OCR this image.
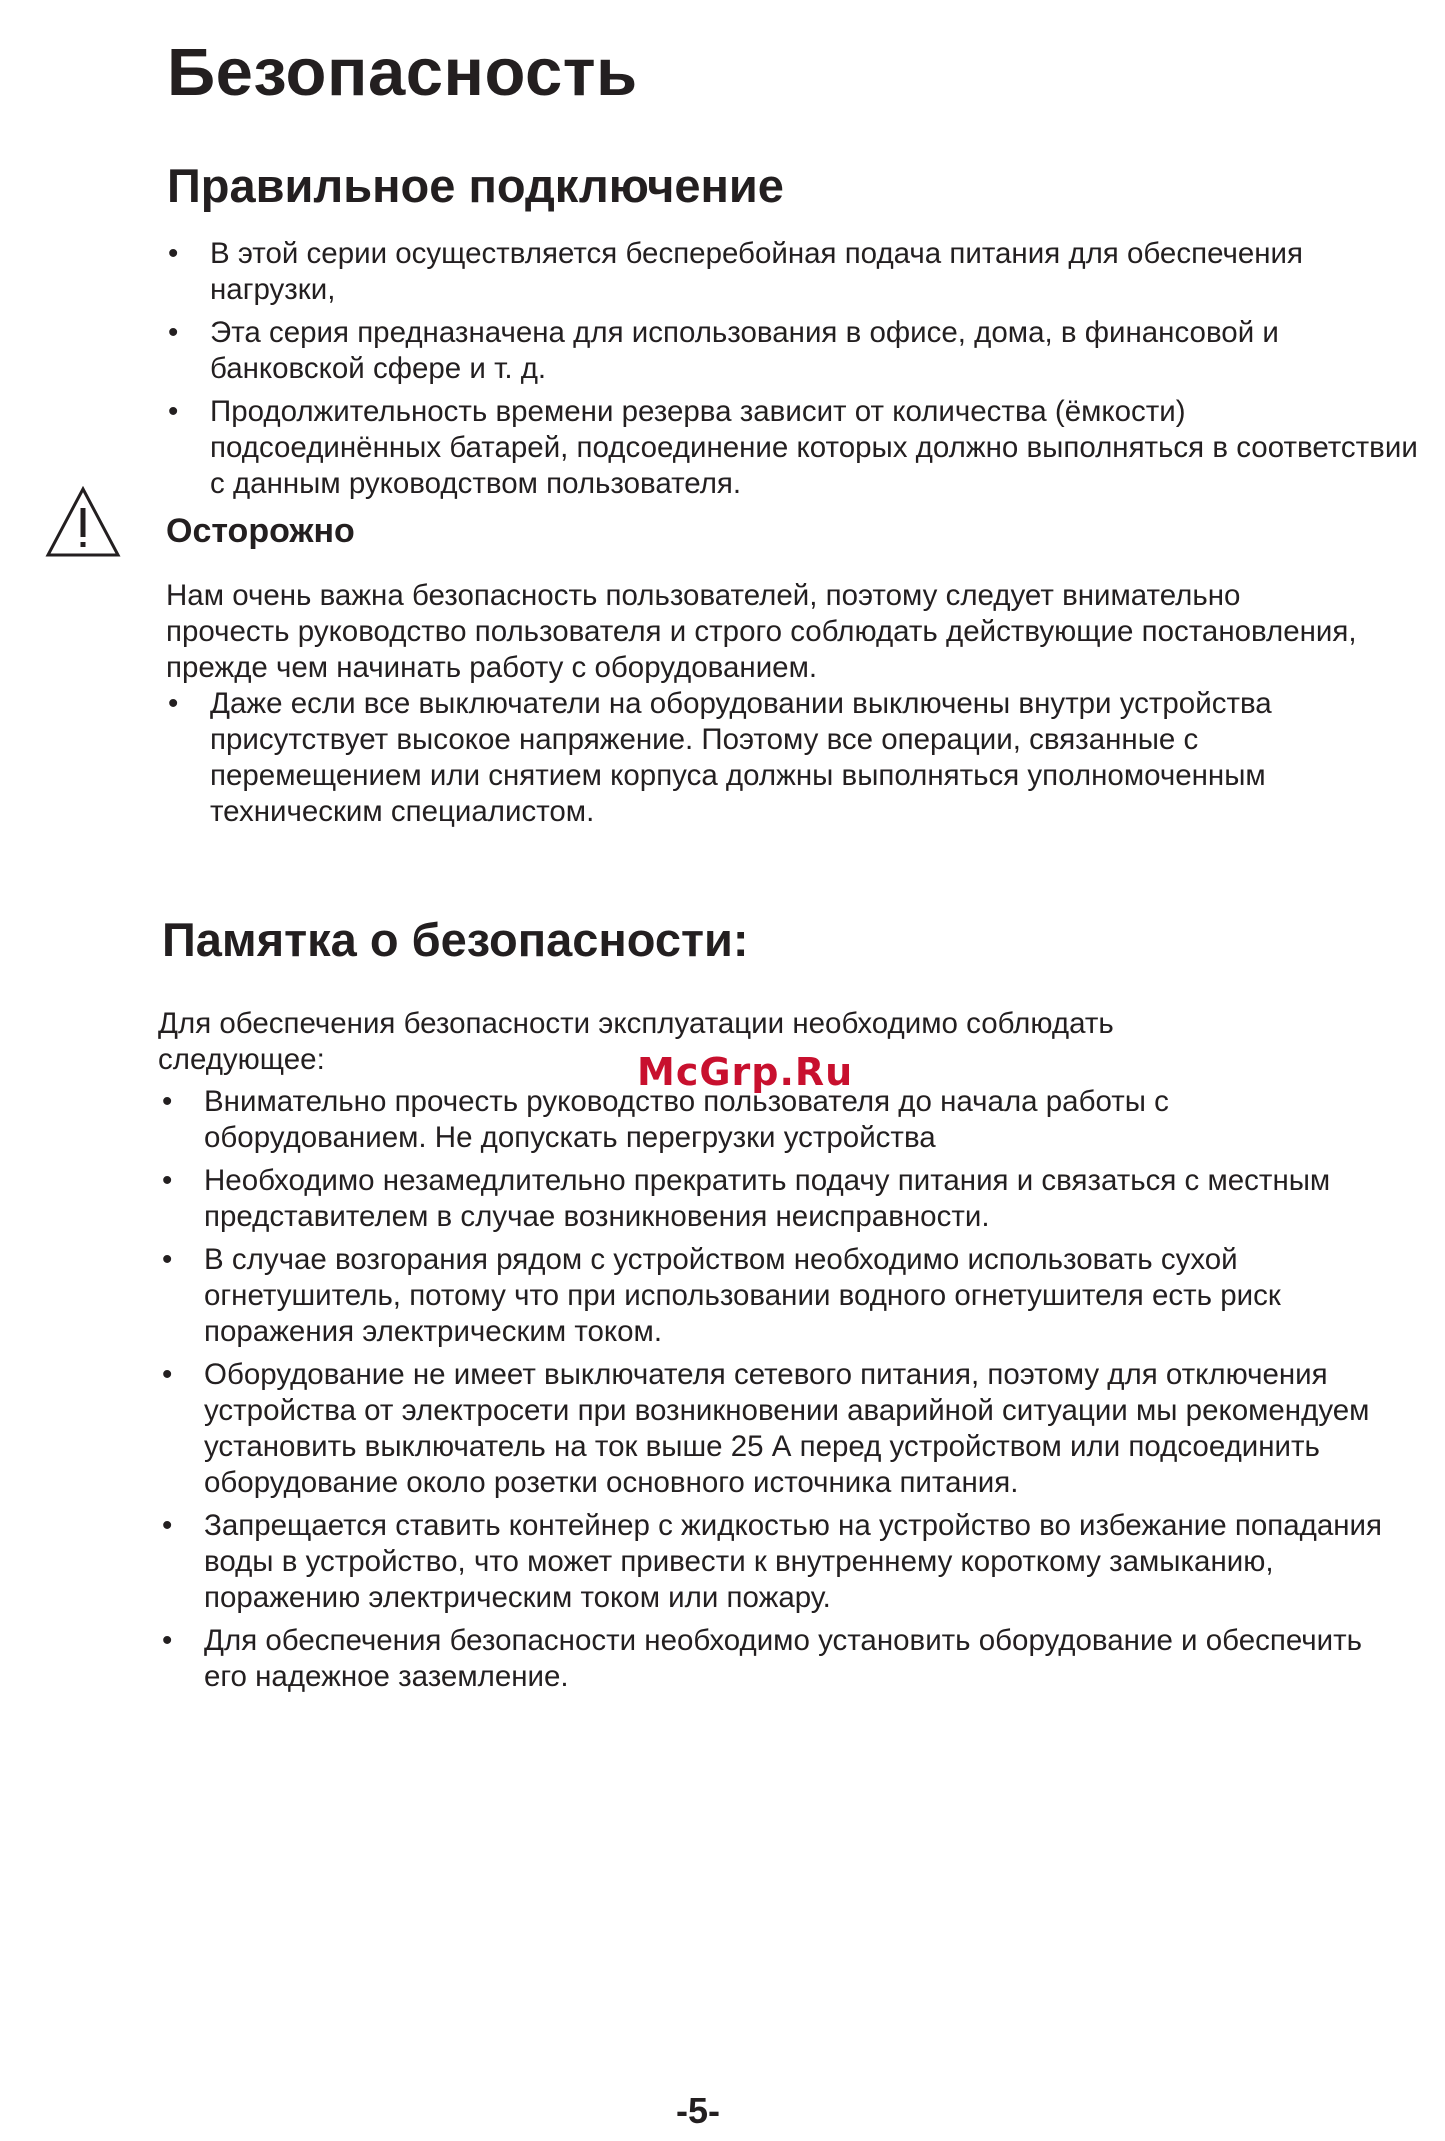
Безопасность
Правильное подключение
• В этой серии осуществляется бесперебойная подача питания для обеспечения нагрузки,
• Эта серия предназначена для использования в офисе, дома, в финансовой и банковской сфере и т. д.
• Продолжительность времени резерва зависит от количества (ёмкости) подсоединённых батарей, подсоединение которых должно выполняться в соответствии с данным руководством пользователя.

Осторожно

Нам очень важна безопасность пользователей, поэтому следует внимательно прочесть руководство пользователя и строго соблюдать действующие постановления, прежде чем начинать работу с оборудованием.

• Даже если все выключатели на оборудовании выключены внутри устройства присутствует высокое напряжение. Поэтому все операции, связанные с перемещением или снятием корпуса должны выполняться уполномоченным техническим специалистом.
Памятка о безопасности:

Для обеспечения безопасности эксплуатации необходимо соблюдать следующее:

• Внимательно прочесть руководство пользователя до начала работы с оборудованием. Не допускать перегрузки устройства
• Необходимо незамедлительно прекратить подачу питания и связаться с местным представителем в случае возникновения неисправности.
• В случае возгорания рядом с устройством необходимо использовать сухой огнетушитель, потому что при использовании водного огнетушителя есть риск поражения электрическим током.
• Оборудование не имеет выключателя сетевого питания, поэтому для отключения устройства от электросети при возникновении аварийной ситуации мы рекомендуем установить выключатель на ток выше 25 А перед устройством или подсоединить оборудование около розетки основного источника питания.
• Запрещается ставить контейнер с жидкостью на устройство во избежание попадания воды в устройство, что может привести к внутреннему короткому замыканию, поражению электрическим током или пожару.
• Для обеспечения безопасности необходимо установить оборудование и обеспечить его надежное заземление.
McGrp.Ru
-5-
